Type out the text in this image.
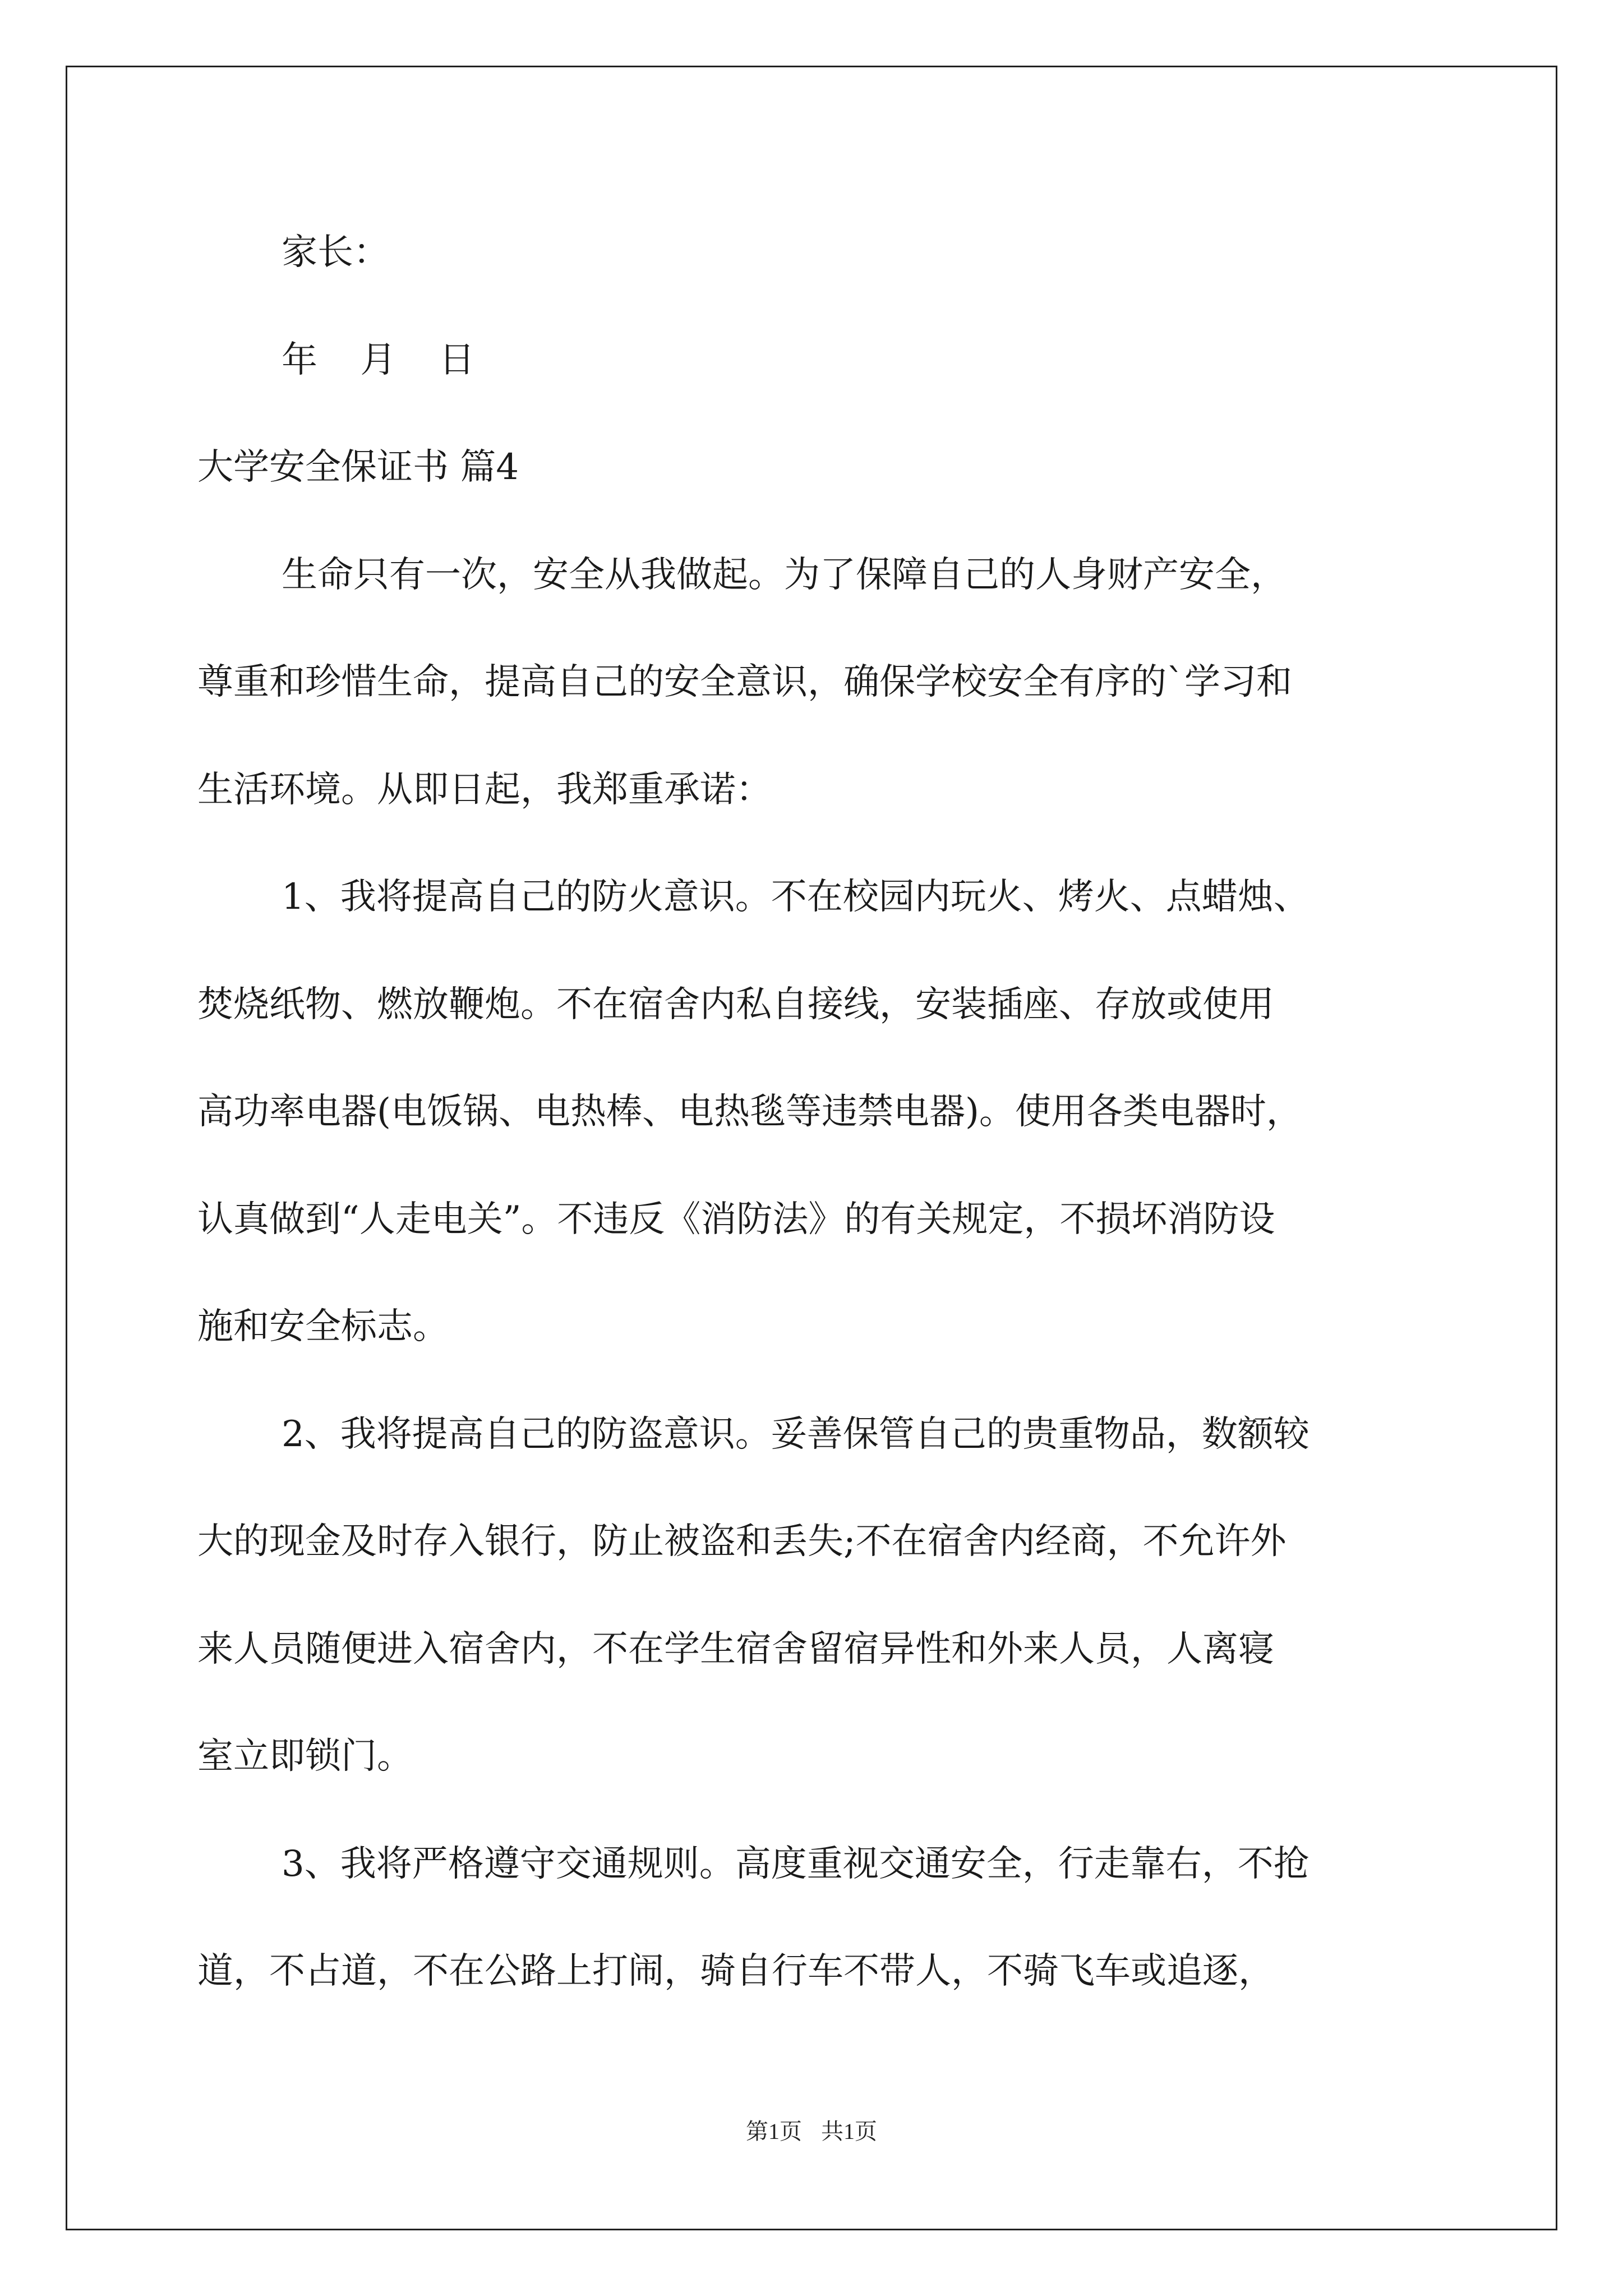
家长：
年 月 日
大学安全保证书 篇4
生命只有一次，安全从我做起。为了保障自己的人身财产安全，
尊重和珍惜生命，提高自己的安全意识，确保学校安全有序的`学习和
生活环境。从即日起，我郑重承诺：
1、我将提高自己的防火意识。不在校园内玩火、烤火、点蜡烛、
焚烧纸物、燃放鞭炮。不在宿舍内私自接线，安装插座、存放或使用
高功率电器(电饭锅、电热棒、电热毯等违禁电器)。使用各类电器时，
认真做到“人走电关”。不违反《消防法》的有关规定，不损坏消防设
施和安全标志。
2、我将提高自己的防盗意识。妥善保管自己的贵重物品，数额较
大的现金及时存入银行，防止被盗和丢失;不在宿舍内经商，不允许外
来人员随便进入宿舍内，不在学生宿舍留宿异性和外来人员，人离寝
室立即锁门。
3、我将严格遵守交通规则。高度重视交通安全，行走靠右，不抢
道，不占道，不在公路上打闹，骑自行车不带人，不骑飞车或追逐，
第1页 共1页
